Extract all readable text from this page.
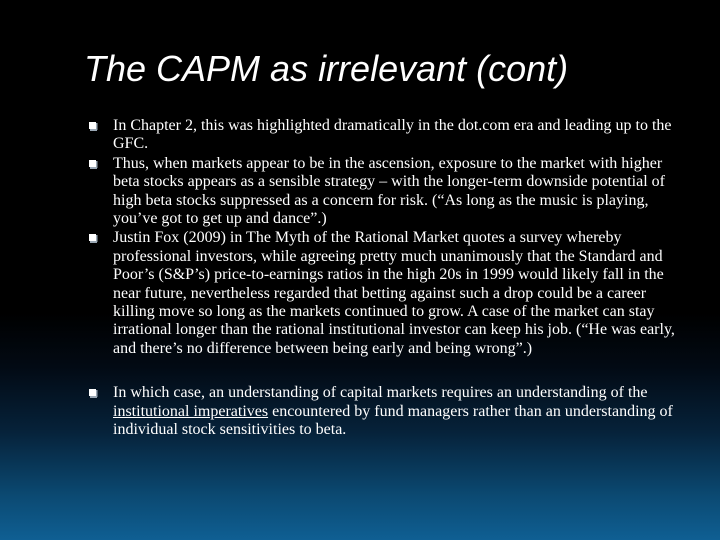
The CAPM as irrelevant (cont)
In Chapter 2, this was highlighted dramatically in the dot.com era and leading up to the GFC.
Thus, when markets appear to be in the ascension, exposure to the market with higher beta stocks appears as a sensible strategy – with the longer-term downside potential of high beta stocks suppressed as a concern for risk. (“As long as the music is playing, you’ve got to get up and dance”.)
Justin Fox (2009) in The Myth of the Rational Market quotes a survey whereby professional investors, while agreeing pretty much unanimously that the Standard and Poor’s (S&P’s) price-to-earnings ratios in the high 20s in 1999 would likely fall in the near future, nevertheless regarded that betting against such a drop could be a career killing move so long as the markets continued to grow. A case of the market can stay irrational longer than the rational institutional investor can keep his job. (“He was early, and there’s no difference between being early and being wrong”.)
In which case, an understanding of capital markets requires an understanding of the institutional imperatives encountered by fund managers rather than an understanding of individual stock sensitivities to beta.
